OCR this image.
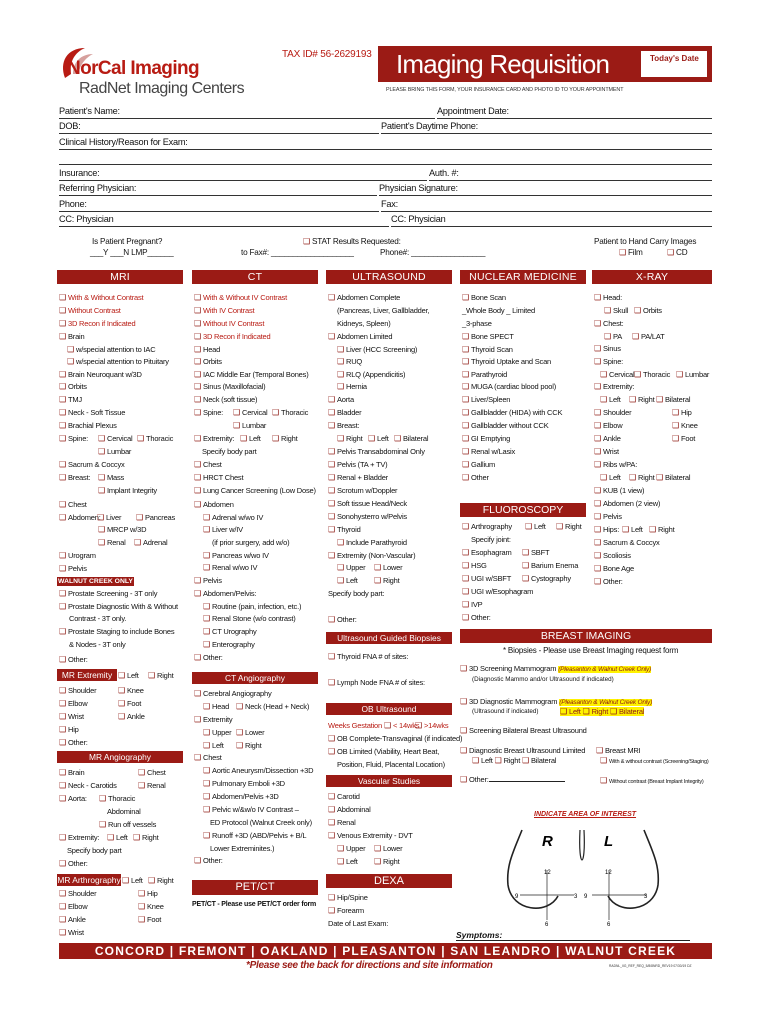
NorCal Imaging
RadNet Imaging Centers
TAX ID# 56-2629193 Imaging Requisition	Today's Date
PLEASE BRING THIS FORM, YOUR INSURANCE CARD AND PHOTO ID TO YOUR APPOINTMENT
Patient's Name:	Appointment Date:
DOB:	Patient's Daytime Phone:
Clinical History/Reason for Exam:
Insurance:	Auth. #:
Referring Physician:	Physician Signature:
Phone:	Fax:
CC: Physician	CC: Physician
Is Patient Pregnant?
___Y ___N LMP______
❑ STAT Results Requested:
to Fax#: ___________________	Phone#: _________________
Patient to Hand Carry Images
❑ Film ❑	CD
MRI	CT	ULTRASOUND	NUCLEAR MEDICINE	X-RAY
WALNUT CREEK ONLY
MR Extremity
MR Angiography
MR Arthrography
CT Angiography
PET/CT
Ultrasound Guided Biopsies
OB Ultrasound
Vascular Studies
DEXA
FLUOROSCOPY
BREAST IMAGING
❑ With & Without Contrast
❑ Without Contrast
❑ 3D Recon if Indicated
❑ Brain
❑ w/special attention to IAC
❑ w/special attention to Pituitary
❑ Brain Neuroquant w/3D
❑ Orbits
❑ TMJ
❑ Neck - Soft Tissue
❑ Brachial Plexus
❑ Spine: ❑	Cervical ❑	Thoracic
❑ Lumbar
❑ Sacrum & Coccyx
❑ Breast: ❑	Mass
❑ Implant Integrity
❑ Chest
❑ Abdomen: ❑ Liver ❑	Pancreas
❑ MRCP w/3D
❑ Renal ❑	Adrenal
❑ Urogram
❑ Pelvis
❑ Prostate Screening - 3T only
❑ Prostate Diagnostic With & Without
Contrast - 3T only.
❑ Prostate Staging to include Bones
& Nodes - 3T only
❑ Other:
❑ Left ❑	Right
❑ Shoulder ❑	Knee
❑ Elbow ❑	Foot
❑ Wrist ❑	Ankle
❑ Hip
❑ Other:
❑ Brain ❑	Chest
❑ Neck - Carotids ❑	Renal
❑ Aorta: ❑	Thoracic
Abdominal
❑ Run off vessels
❑ Extremity: ❑	Left ❑	Right
Specify body part
❑ Other:
❑ Left ❑	Right
❑ Shoulder ❑	Hip
❑ Elbow ❑	Knee
❑ Ankle ❑	Foot
❑ Wrist
❑ With & Without IV Contrast
❑ With IV Contrast
❑ Without IV Contrast
❑ 3D Recon if Indicated
❑ Head
❑ Orbits
❑ IAC Middle Ear (Temporal Bones)
❑ Sinus (Maxillofacial)
❑ Neck (soft tissue)
❑ Spine: ❑	Cervical ❑	Thoracic
❑ Lumbar
❑ Extremity: ❑	Left ❑	Right
Specify body part
❑ Chest
❑ HRCT Chest
❑ Lung Cancer Screening (Low Dose)
❑ Abdomen
❑ Adrenal w/wo IV
❑ Liver w/IV
(if prior surgery, add w/o)
❑ Pancreas w/wo IV
❑ Renal w/wo IV
❑ Pelvis
❑ Abdomen/Pelvis:
❑ Routine (pain, infection, etc.)
❑ Renal Stone (w/o contrast)
❑ CT Urography
❑ Enterography
❑ Other:
❑ Cerebral Angiography
❑ Head ❑	Neck (Head + Neck)
❑ Extremity
❑ Upper ❑	Lower
❑ Left ❑	Right
❑ Chest
❑ Aortic Aneurysm/Dissection +3D
❑ Pulmonary Emboli +3D
❑ Abdomen/Pelvis +3D
❑ Pelvic w/&w/o IV Contrast –
ED Protocol (Walnut Creek only)
❑ Runoff +3D (ABD/Pelvis + B/L
Lower Extreminites.)
❑ Other:
❑ Abdomen Complete
(Pancreas, Liver, Gallbladder,
Kidneys, Spleen)
❑ Abdomen Limited
❑ Liver (HCC Screening)
❑ RUQ
❑ RLQ (Appendicitis)
❑ Hernia
❑ Aorta
❑ Bladder
❑ Breast:
❑ Right ❑	Left ❑	Bilateral
❑ Pelvis Transabdominal Only
❑ Pelvis (TA + TV)
❑ Renal + Bladder
❑ Scrotum w/Doppler
❑ Soft tissue Head/Neck
❑ Sonohysterro w/Pelvis
❑ Thyroid
❑ Include Parathyroid
❑ Extremity (Non-Vascular)
❑ Upper ❑	Lower
❑ Left ❑	Right
Specify body part:
❑ Other:
❑ Thyroid FNA # of sites:
❑ Lymph Node FNA # of sites:
Weeks Gestation ❑	< 14wks ❑ >14wks
❑ OB Complete-Transvaginal (if indicated)
❑ OB Limited (Viability, Heart Beat,
Position, Fluid, Placental Location)
❑ Carotid
❑ Abdominal
❑ Renal
❑ Venous Extremity - DVT
❑ Upper ❑	Lower
❑ Left ❑	Right
❑ Hip/Spine
❑ Forearm
Date of Last Exam:
❑ Bone Scan
_Whole Body _ Limited
_3-phase
❑ Bone SPECT
❑ Thyroid Scan
❑ Thyroid Uptake and Scan
❑ Parathyroid
❑ MUGA (cardiac blood pool)
❑ Liver/Spleen
❑ Gallbladder (HIDA) with CCK
❑ Gallbladder without CCK
❑ GI Emptying
❑ Renal w/Lasix
❑ Gallium
❑ Other
❑ Arthrography ❑	Left ❑	Right
Specify joint:
❑ Esophagram ❑	SBFT
❑ HSG ❑	Barium Enema
❑ UGI w/SBFT ❑	Cystography
❑ UGI w/Esophagram
❑ IVP
❑ Other:
❑ Head:
❑ Skull ❑	Orbits
❑ Chest:
❑ PA ❑	PA/LAT
❑ Sinus
❑ Spine:
❑ Cervical ❑	Thoracic ❑	Lumbar
❑ Extremity:
❑ Left ❑	Right ❑	Bilateral
❑ Shoulder ❑	Hip
❑ Elbow ❑	Knee
❑ Ankle ❑	Foot
❑ Wrist
❑ Ribs w/PA:
❑ Left ❑	Right ❑	Bilateral
❑ KUB (1 view)
❑ Abdomen (2 view)
❑ Pelvis
❑ Hips: ❑	Left ❑	Right
❑ Sacrum & Coccyx
❑ Scoliosis
❑ Bone Age
❑ Other:
* Biopsies - Please use Breast Imaging request form
❑ 3D Screening Mammogram (Pleasanton & Walnut Creek Only)
(Diagnostic Mammo and/or Ultrasound if indicated)
❑ 3D Diagnostic Mammogram (Pleasanton & Walnut Creek Only)
(Ultrasound if indicated) ❑	Left ❑ Right ❑ Bilateral
❑ Screening Bilateral Breast Ultrasound
❑ Diagnostic Breast Ultrasound Limited ❑	Breast MRI
❑ Left ❑ Right ❑ Bilateral ❑	With & without contrast (Screening/Staging)
❑ Other: ❑	Without contrast (Breast Implant Integrity)
INDICATE AREA OF INTEREST
12
9	3
6
12
9	3
6
R	L
Symptoms:
PET/CT - Please use PET/CT order form
CONCORD | FREMONT | OAKLAND | PLEASANTON | SAN LEANDRO | WALNUT CREEK
*Please see the back for directions and site information	RADNL_IIG_REF_REQ_5/8/8NRD_REV19 07/30/19 DZ
